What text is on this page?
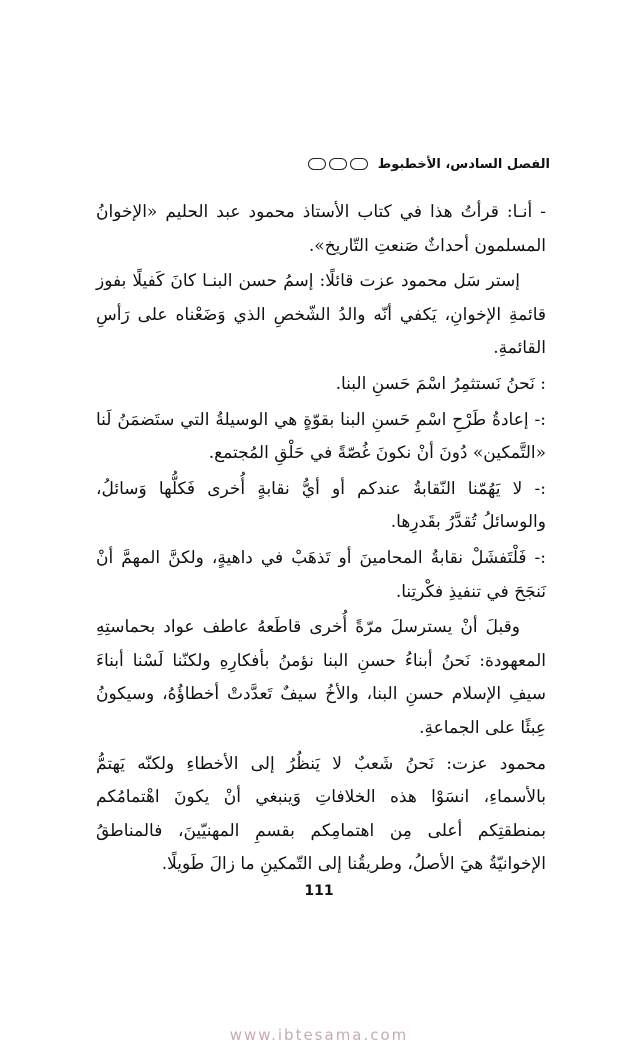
الفصل السادس، الأخطبوط

- أنـا: قرأتُ هذا في كتاب الأستاذ محمود عبد الحليم «الإخوانُ المسلمون أحداثٌ صَنعتِ التّاريخ».

إستر سَل محمود عزت قائلًا: إسمُ حسن البنـا كانَ كَفيلًا بفوز قائمةِ الإخوانِ، يَكفي أنّه والدُ الشّخصِ الذي وَضَعْناه على رَأسِ القائمةِ.

: نَحنُ نَستثمِرُ اسْمَ حَسنِ البنا.

:- إعادةُ طَرْحِ اسْمِ حَسنِ البنا بقوّةٍ هي الوسيلةُ التي ستَضمَنُ لَنا «التَّمكين» دُونَ أنْ نكونَ غُصّةً في حَلْقِ المُجتمع.

:- لا يَهُمّنا النّقابةُ عندكم أو أيُّ نقابةٍ أُخرى فَكلُّها وَسائلُ، والوسائلُ تُقدَّرُ بقَدرِها.

:- فَلْتَفشَلْ نقابةُ المحامينَ أو تَذهَبْ في داهيةٍ، ولكنَّ المهمَّ أنْ نَنجَحَ في تنفيذِ فكْرتِنا.

وقبلَ أنْ يسترسلَ مرّةً أُخرى قاطَعهُ عاطف عواد بحماستِهِ المعهودة: نَحنُ أبناءُ حسنِ البنا نؤمنُ بأفكارِهِ ولكنّنا لَسْنا أبناءَ سيفِ الإسلام حسنِ البنا، والأخُ سيفٌ تَعدَّدتْ أخطاؤُهُ، وسيكونُ عِبئًا على الجماعةِ.

محمود عزت: نَحنُ شَعبٌ لا يَنظُرُ إلى الأخطاءِ ولكنّه يَهتمُّ بالأسماءِ، انسَوْا هذه الخلافاتِ وَينبغي أنْ يكونَ اهْتمامُكم بمنطقتِكم أعلى مِن اهتمامِكم بقسمِ المهنيّينَ، فالمناطقُ الإخوانيّةُ هيَ الأصلُ، وطريقُنا إلى التّمكينِ ما زالَ طَويلًا.

111
www.ibtesama.com
